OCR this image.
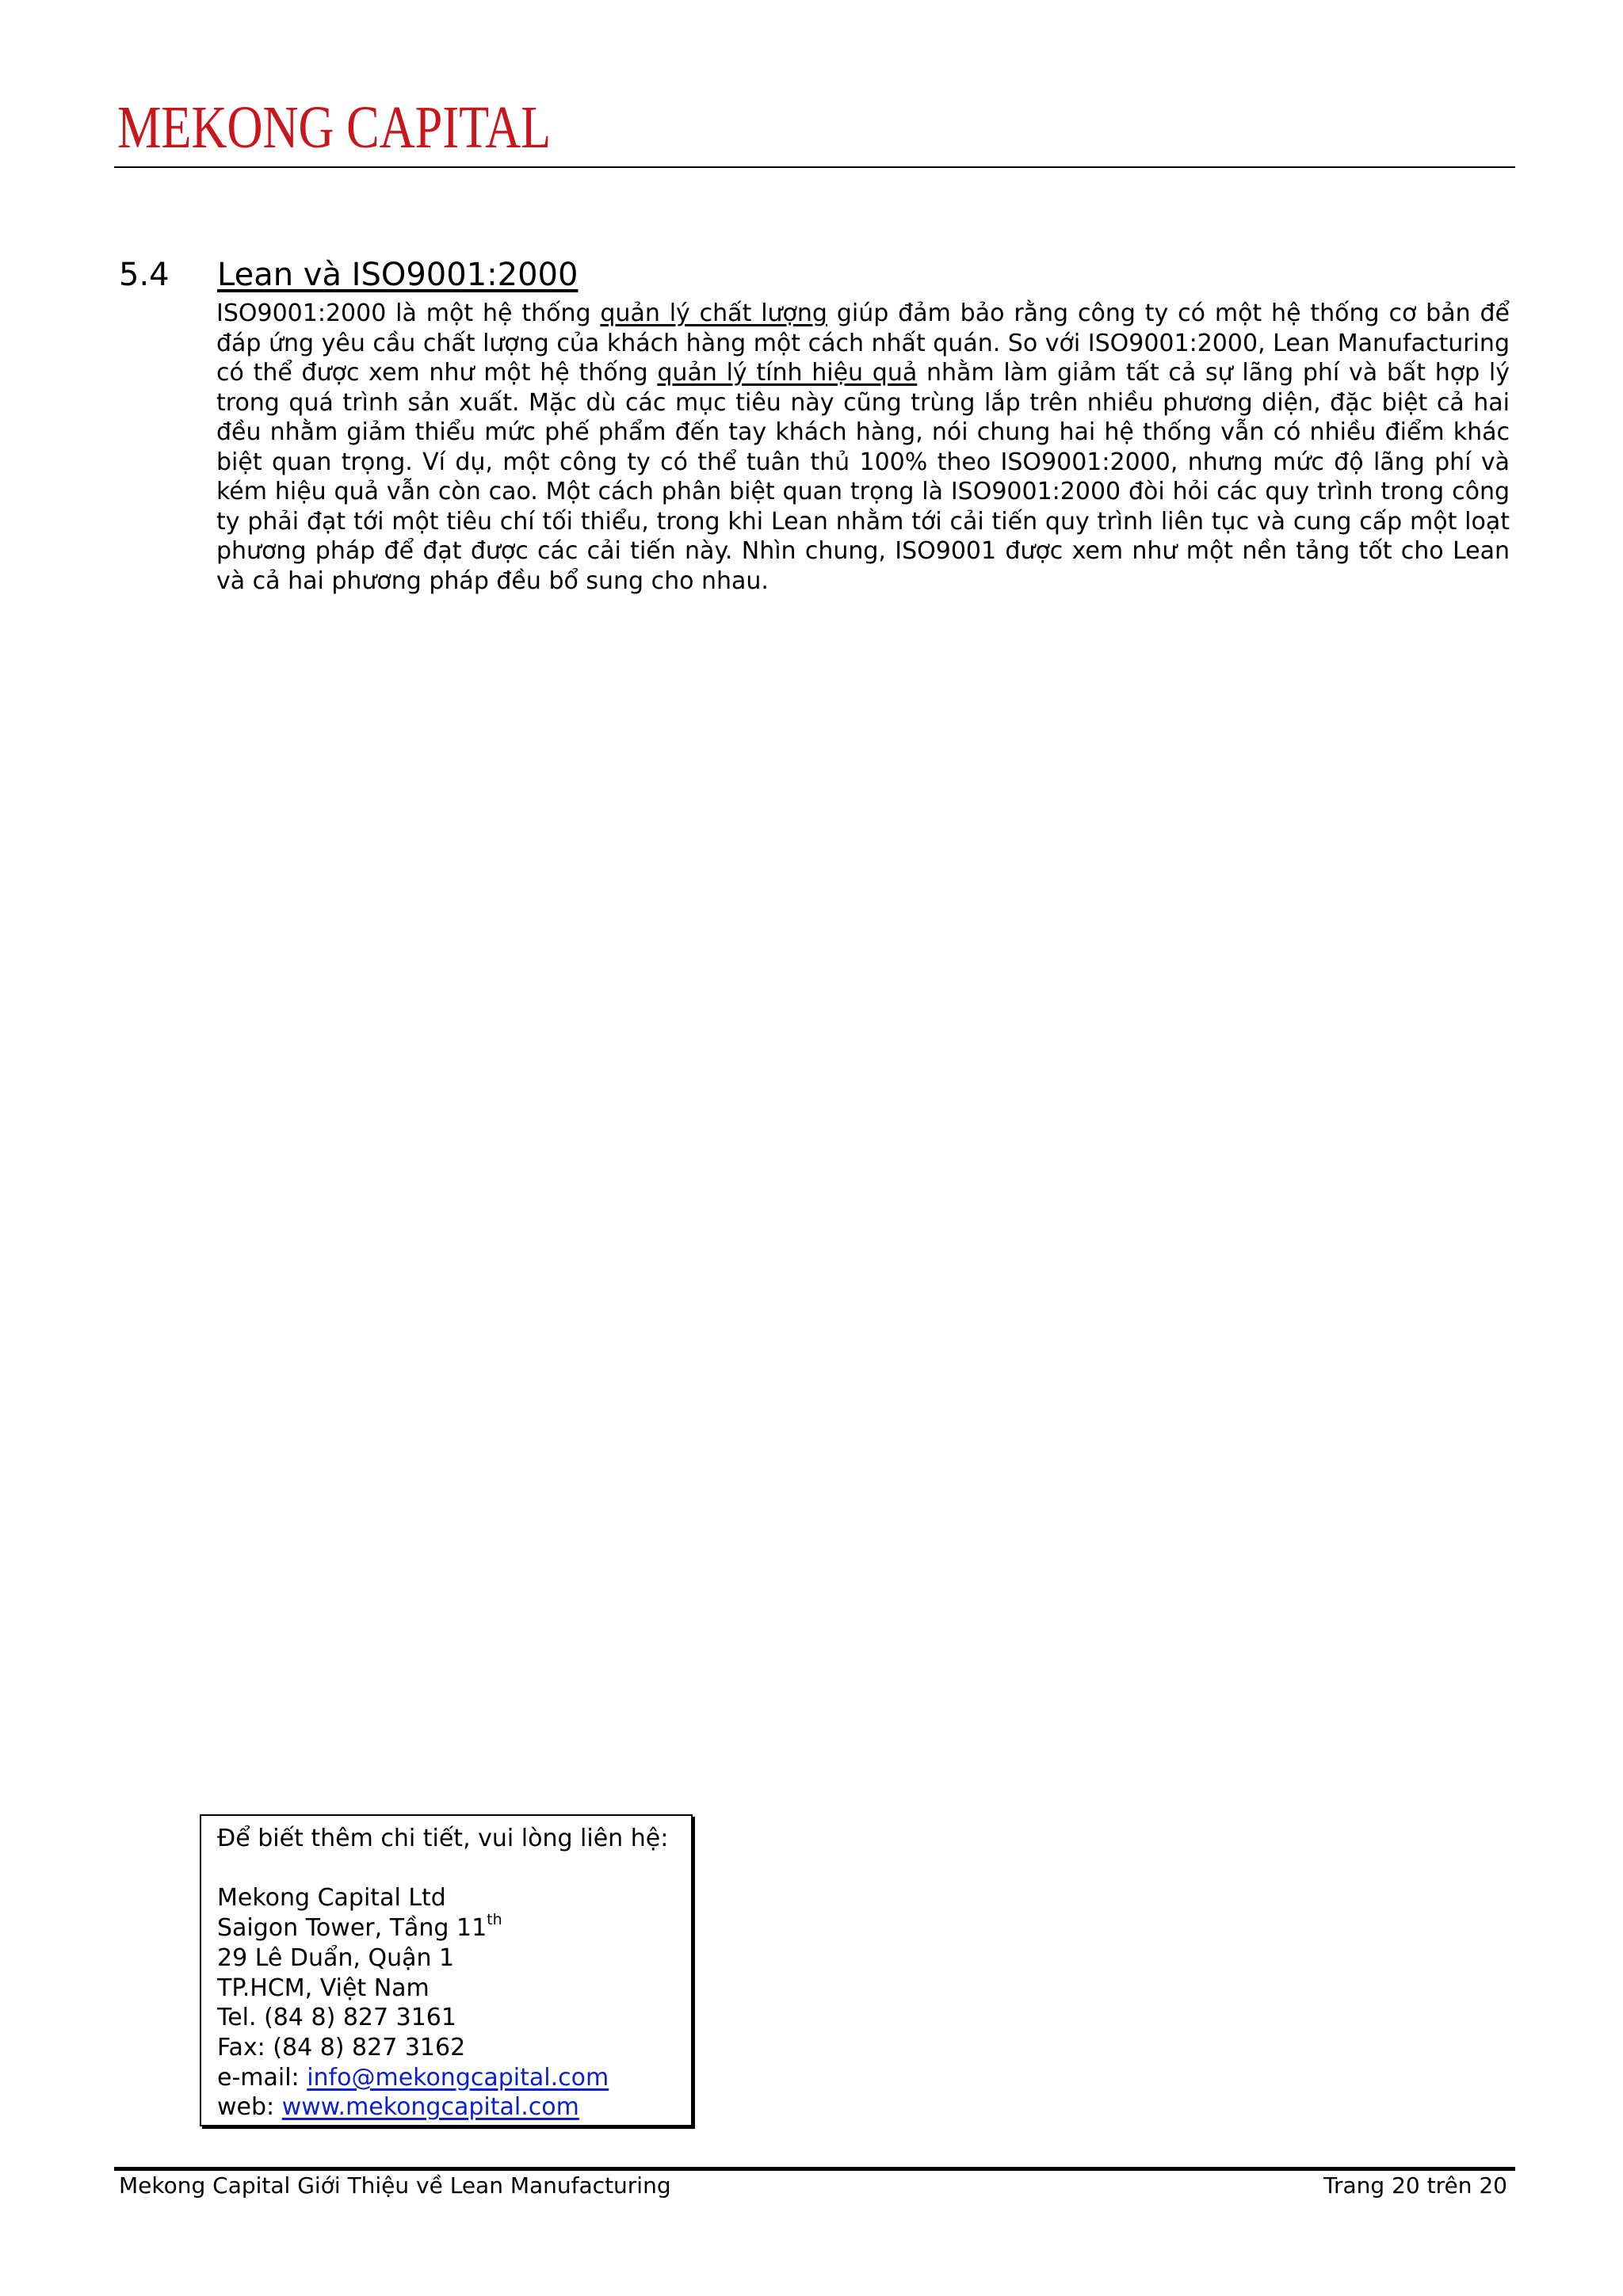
MEKONG CAPITAL
5.4 Lean và ISO9001:2000
ISO9001:2000 là một hệ thống quản lý chất lượng giúp đảm bảo rằng công ty có một hệ thống cơ bản để đáp ứng yêu cầu chất lượng của khách hàng một cách nhất quán. So với ISO9001:2000, Lean Manufacturing có thể được xem như một hệ thống quản lý tính hiệu quả nhằm làm giảm tất cả sự lãng phí và bất hợp lý trong quá trình sản xuất. Mặc dù các mục tiêu này cũng trùng lắp trên nhiều phương diện, đặc biệt cả hai đều nhằm giảm thiểu mức phế phẩm đến tay khách hàng, nói chung hai hệ thống vẫn có nhiều điểm khác biệt quan trọng. Ví dụ, một công ty có thể tuân thủ 100% theo ISO9001:2000, nhưng mức độ lãng phí và kém hiệu quả vẫn còn cao. Một cách phân biệt quan trọng là ISO9001:2000 đòi hỏi các quy trình trong công ty phải đạt tới một tiêu chí tối thiểu, trong khi Lean nhằm tới cải tiến quy trình liên tục và cung cấp một loạt phương pháp để đạt được các cải tiến này. Nhìn chung, ISO9001 được xem như một nền tảng tốt cho Lean và cả hai phương pháp đều bổ sung cho nhau.
Để biết thêm chi tiết, vui lòng liên hệ:
Mekong Capital Ltd
Saigon Tower, Tầng 11th
29 Lê Duẩn, Quận 1
TP.HCM, Việt Nam
Tel. (84 8) 827 3161
Fax: (84 8) 827 3162
e-mail: info@mekongcapital.com
web: www.mekongcapital.com
Mekong Capital Giới Thiệu về Lean Manufacturing	Trang 20 trên 20
